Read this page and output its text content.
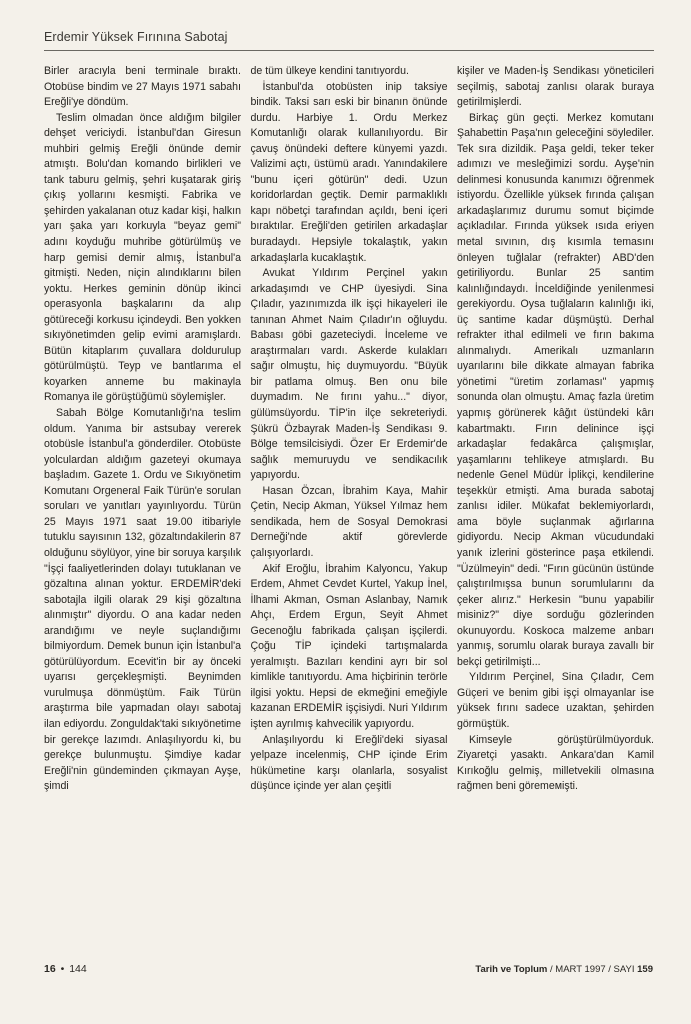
Erdemir Yüksek Fırınına Sabotaj

Birler aracıyla beni terminale bıraktı. Otobüse bindim ve 27 Mayıs 1971 sabahı Ereğli'ye döndüm.

Teslim olmadan önce aldığım bilgiler dehşet vericiydi. İstanbul'dan Giresun muhbiri gelmiş Ereğli önünde demir atmıştı. Bolu'dan komando birlikleri ve tank taburu gelmiş, şehri kuşatarak giriş çıkış yollarını kesmişti. Fabrika ve şehirden yakalanan otuz kadar kişi, halkın yarı şaka yarı korkuyla "beyaz gemi" adını koyduğu muhribe götürülmüş ve harp gemisi demir almış, İstanbul'a gitmişti. Neden, niçin alındıklarını bilen yoktu. Herkes geminin dönüp ikinci operasyonla başkalarını da alıp götüreceği korkusu içindeydi. Ben yokken sıkıyönetimden gelip evimi aramışlardı. Bütün kitaplarım çuvallara doldurulup götürülmüştü. Teyp ve bantlarıma el koyarken anneme bu makinayla Romanya ile görüştüğümü söylemişler.

Sabah Bölge Komutanlığı'na teslim oldum. Yanıma bir astsubay vererek otobüsle İstanbul'a gönderdiler. Otobüste yolculardan aldığım gazeteyi okumaya başladım. Gazete 1. Ordu ve Sıkıyönetim Komutanı Orgeneral Faik Türün'e sorulan soruları ve yanıtları yayınlıyordu. Türün 25 Mayıs 1971 saat 19.00 itibariyle tutuklu sayısının 132, gözaltındakilerin 87 olduğunu söylüyor, yine bir soruya karşılık "İşçi faaliyetlerinden dolayı tutuklanan ve gözaltına alınan yoktur. ERDEMİR'deki sabotajla ilgili olarak 29 kişi gözaltına alınmıştır" diyordu. O ana kadar neden arandığımı ve neyle suçlandığımı bilmiyordum. Demek bunun için İstanbul'a götürülüyordum. Ecevit'in bir ay önceki uyarısı gerçekleşmişti. Beynimden vurulmuşa dönmüştüm. Faik Türün araştırma bile yapmadan olayı sabotaj ilan ediyordu. Zonguldak'taki sıkıyönetime bir gerekçe lazımdı. Anlaşılıyordu ki, bu gerekçe bulunmuştu. Şimdiye kadar Ereğli'nin gündeminden çıkmayan Ayşe, şimdi

de tüm ülkeye kendini tanıtıyordu.

İstanbul'da otobüsten inip taksiye bindik. Taksi sarı eski bir binanın önünde durdu. Harbiye 1. Ordu Merkez Komutanlığı olarak kullanılıyordu. Bir çavuş önündeki deftere künyemi yazdı. Valizimi açtı, üstümü aradı. Yanındakilere "bunu içeri götürün" dedi. Uzun koridorlardan geçtik. Demir parmaklıklı kapı nöbetçi tarafından açıldı, beni içeri bıraktılar. Ereğli'den getirilen arkadaşlar buradaydı. Hepsiyle tokalaştık, yakın arkadaşlarla kucaklaştık.

Avukat Yıldırım Perçinel yakın arkadaşımdı ve CHP üyesiydi. Sina Çıladır, yazınımızda ilk işçi hikayeleri ile tanınan Ahmet Naim Çıladır'ın oğluydu. Babası göbi gazeteciydi. İnceleme ve araştırmaları vardı. Askerde kulakları sağır olmuştu, hiç duymuyordu. "Büyük bir patlama olmuş. Ben onu bile duymadım. Ne fırını yahu..." diyor, gülümsüyordu. TİP'in ilçe sekreteriydi. Şükrü Özbayrak Maden-İş Sendikası 9. Bölge temsilcisiydi. Özer Er Erdemir'de sağlık memuruydu ve sendikacılık yapıyordu.

Hasan Özcan, İbrahim Kaya, Mahir Çetin, Necip Akman, Yüksel Yılmaz hem sendikada, hem de Sosyal Demokrasi Derneği'nde aktif görevlerde çalışıyorlardı.

Akif Eroğlu, İbrahim Kalyoncu, Yakup Erdem, Ahmet Cevdet Kurtel, Yakup İnel, İlhami Akman, Osman Aslanbay, Namık Ahçı, Erdem Ergun, Seyit Ahmet Gecenoğlu fabrikada çalışan işçilerdi. Çoğu TİP içindeki tartışmalarda yeralmıştı. Bazıları kendini ayrı bir sol kimlikle tanıtıyordu. Ama hiçbirinin terörle ilgisi yoktu. Hepsi de ekmeğini emeğiyle kazanan ERDEMİR işçisiydi. Nuri Yıldırım işten ayrılmış kahvecilik yapıyordu.

Anlaşılıyordu ki Ereğli'deki siyasal yelpaze incelenmiş, CHP içinde Erim hükümetine karşı olanlarla, sosyalist düşünce içinde yer alan çeşitli

kişiler ve Maden-İş Sendikası yöneticileri seçilmiş, sabotaj zanlısı olarak buraya getirilmişlerdi.

Birkaç gün geçti. Merkez komutanı Şahabettin Paşa'nın geleceğini söylediler. Tek sıra dizildik. Paşa geldi, teker teker adımızı ve mesleğimizi sordu. Ayşe'nin delinmesi konusunda kanımızı öğrenmek istiyordu. Özellikle yüksek fırında çalışan arkadaşlarımız durumu somut biçimde açıkladılar. Fırında yüksek ısıda eriyen metal sıvının, dış kısımla temasını önleyen tuğlalar (refrakter) ABD'den getiriliyordu. Bunlar 25 santim kalınlığındaydı. İnceldiğinde yenilenmesi gerekiyordu. Oysa tuğlaların kalınlığı iki, üç santime kadar düşmüştü. Derhal refrakter ithal edilmeli ve fırın bakıma alınmalıydı. Amerikalı uzmanların uyarılarını bile dikkate almayan fabrika yönetimi "üretim zorlaması" yapmış sonunda olan olmuştu. Amaç fazla üretim yapmış görünerek kâğıt üstündeki kârı kabartmaktı. Fırın delinince işçi arkadaşlar fedakârca çalışmışlar, yaşamlarını tehlikeye atmışlardı. Bu nedenle Genel Müdür İplikçi, kendilerine teşekkür etmişti. Ama burada sabotaj zanlısı idiler. Mükafat beklemiyorlardı, ama böyle suçlanmak ağırlarına gidiyordu. Necip Akman vücudundaki yanık izlerini gösterince paşa etkilendi. "Üzülmeyin" dedi. "Fırın gücünün üstünde çalıştırılmışsa bunun sorumlularını da çeker alırız." Herkesin "bunu yapabilir misiniz?" diye sorduğu gözlerinden okunuyordu. Koskoca malzeme anbarı yanmış, sorumlu olarak buraya zavallı bir bekçi getirilmişti...

Yıldırım Perçinel, Sina Çıladır, Cem Güçeri ve benim gibi işçi olmayanlar ise yüksek fırını sadece uzaktan, şehirden görmüştük.

Kimseyle görüştürülmüyorduk. Ziyaretçi yasaktı. Ankara'dan Kamil Kırıkoğlu gelmiş, milletvekili olmasına rağmen beni göremeмişti.

16 • 144	Tarih ve Toplum / MART 1997 / SAYI 159
